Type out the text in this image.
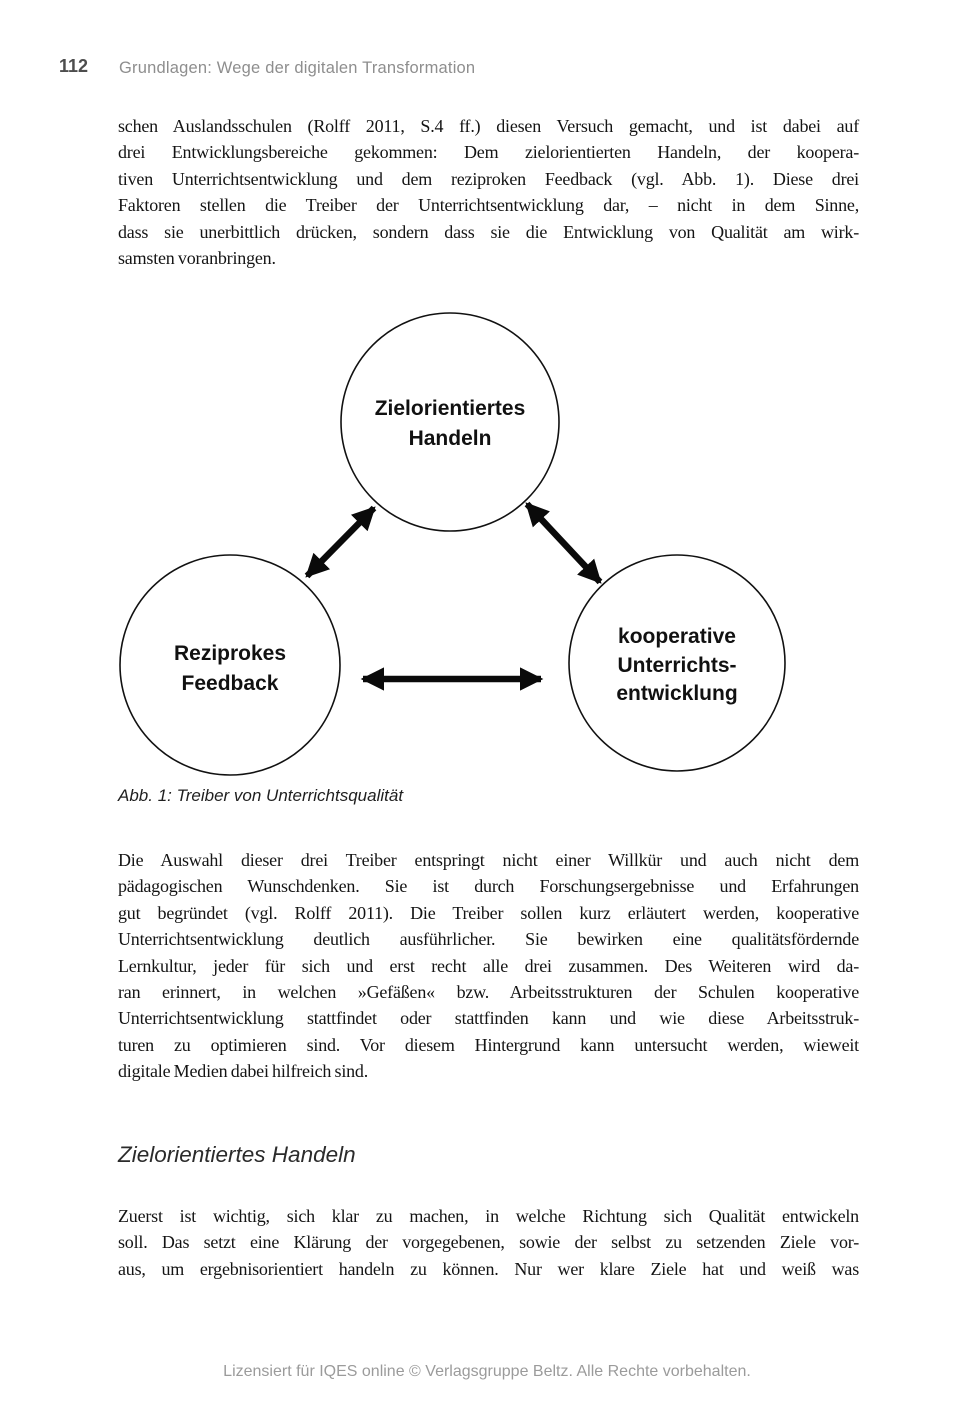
112 Grundlagen: Wege der digitalen Transformation
schen Auslandsschulen (Rolff 2011, S.4 ff.) diesen Versuch gemacht, und ist dabei auf
drei Entwicklungsbereiche gekommen: Dem zielorientierten Handeln, der koopera-
tiven Unterrichtsentwicklung und dem reziproken Feedback (vgl. Abb. 1). Diese drei
Faktoren stellen die Treiber der Unterrichtsentwicklung dar, – nicht in dem Sinne,
dass sie unerbittlich drücken, sondern dass sie die Entwicklung von Qualität am wirk-
samsten voranbringen.
Zielorientiertes
Handeln
Reziprokes
Feedback
kooperative
Unterrichts-
entwicklung
Abb. 1: Treiber von Unterrichtsqualität
Die Auswahl dieser drei Treiber entspringt nicht einer Willkür und auch nicht dem
pädagogischen Wunschdenken. Sie ist durch Forschungsergebnisse und Erfahrungen
gut begründet (vgl. Rolff 2011). Die Treiber sollen kurz erläutert werden, kooperative
Unterrichtsentwicklung deutlich ausführlicher. Sie bewirken eine qualitätsfördernde
Lernkultur, jeder für sich und erst recht alle drei zusammen. Des Weiteren wird da-
ran erinnert, in welchen »Gefäßen« bzw. Arbeitsstrukturen der Schulen kooperative
Unterrichtsentwicklung stattfindet oder stattfinden kann und wie diese Arbeitsstruk-
turen zu optimieren sind. Vor diesem Hintergrund kann untersucht werden, wieweit
digitale Medien dabei hilfreich sind.
Zielorientiertes Handeln
Zuerst ist wichtig, sich klar zu machen, in welche Richtung sich Qualität entwickeln
soll. Das setzt eine Klärung der vorgegebenen, sowie der selbst zu setzenden Ziele vor-
aus, um ergebnisorientiert handeln zu können. Nur wer klare Ziele hat und weiß was
Lizensiert für IQES online © Verlagsgruppe Beltz. Alle Rechte vorbehalten.
